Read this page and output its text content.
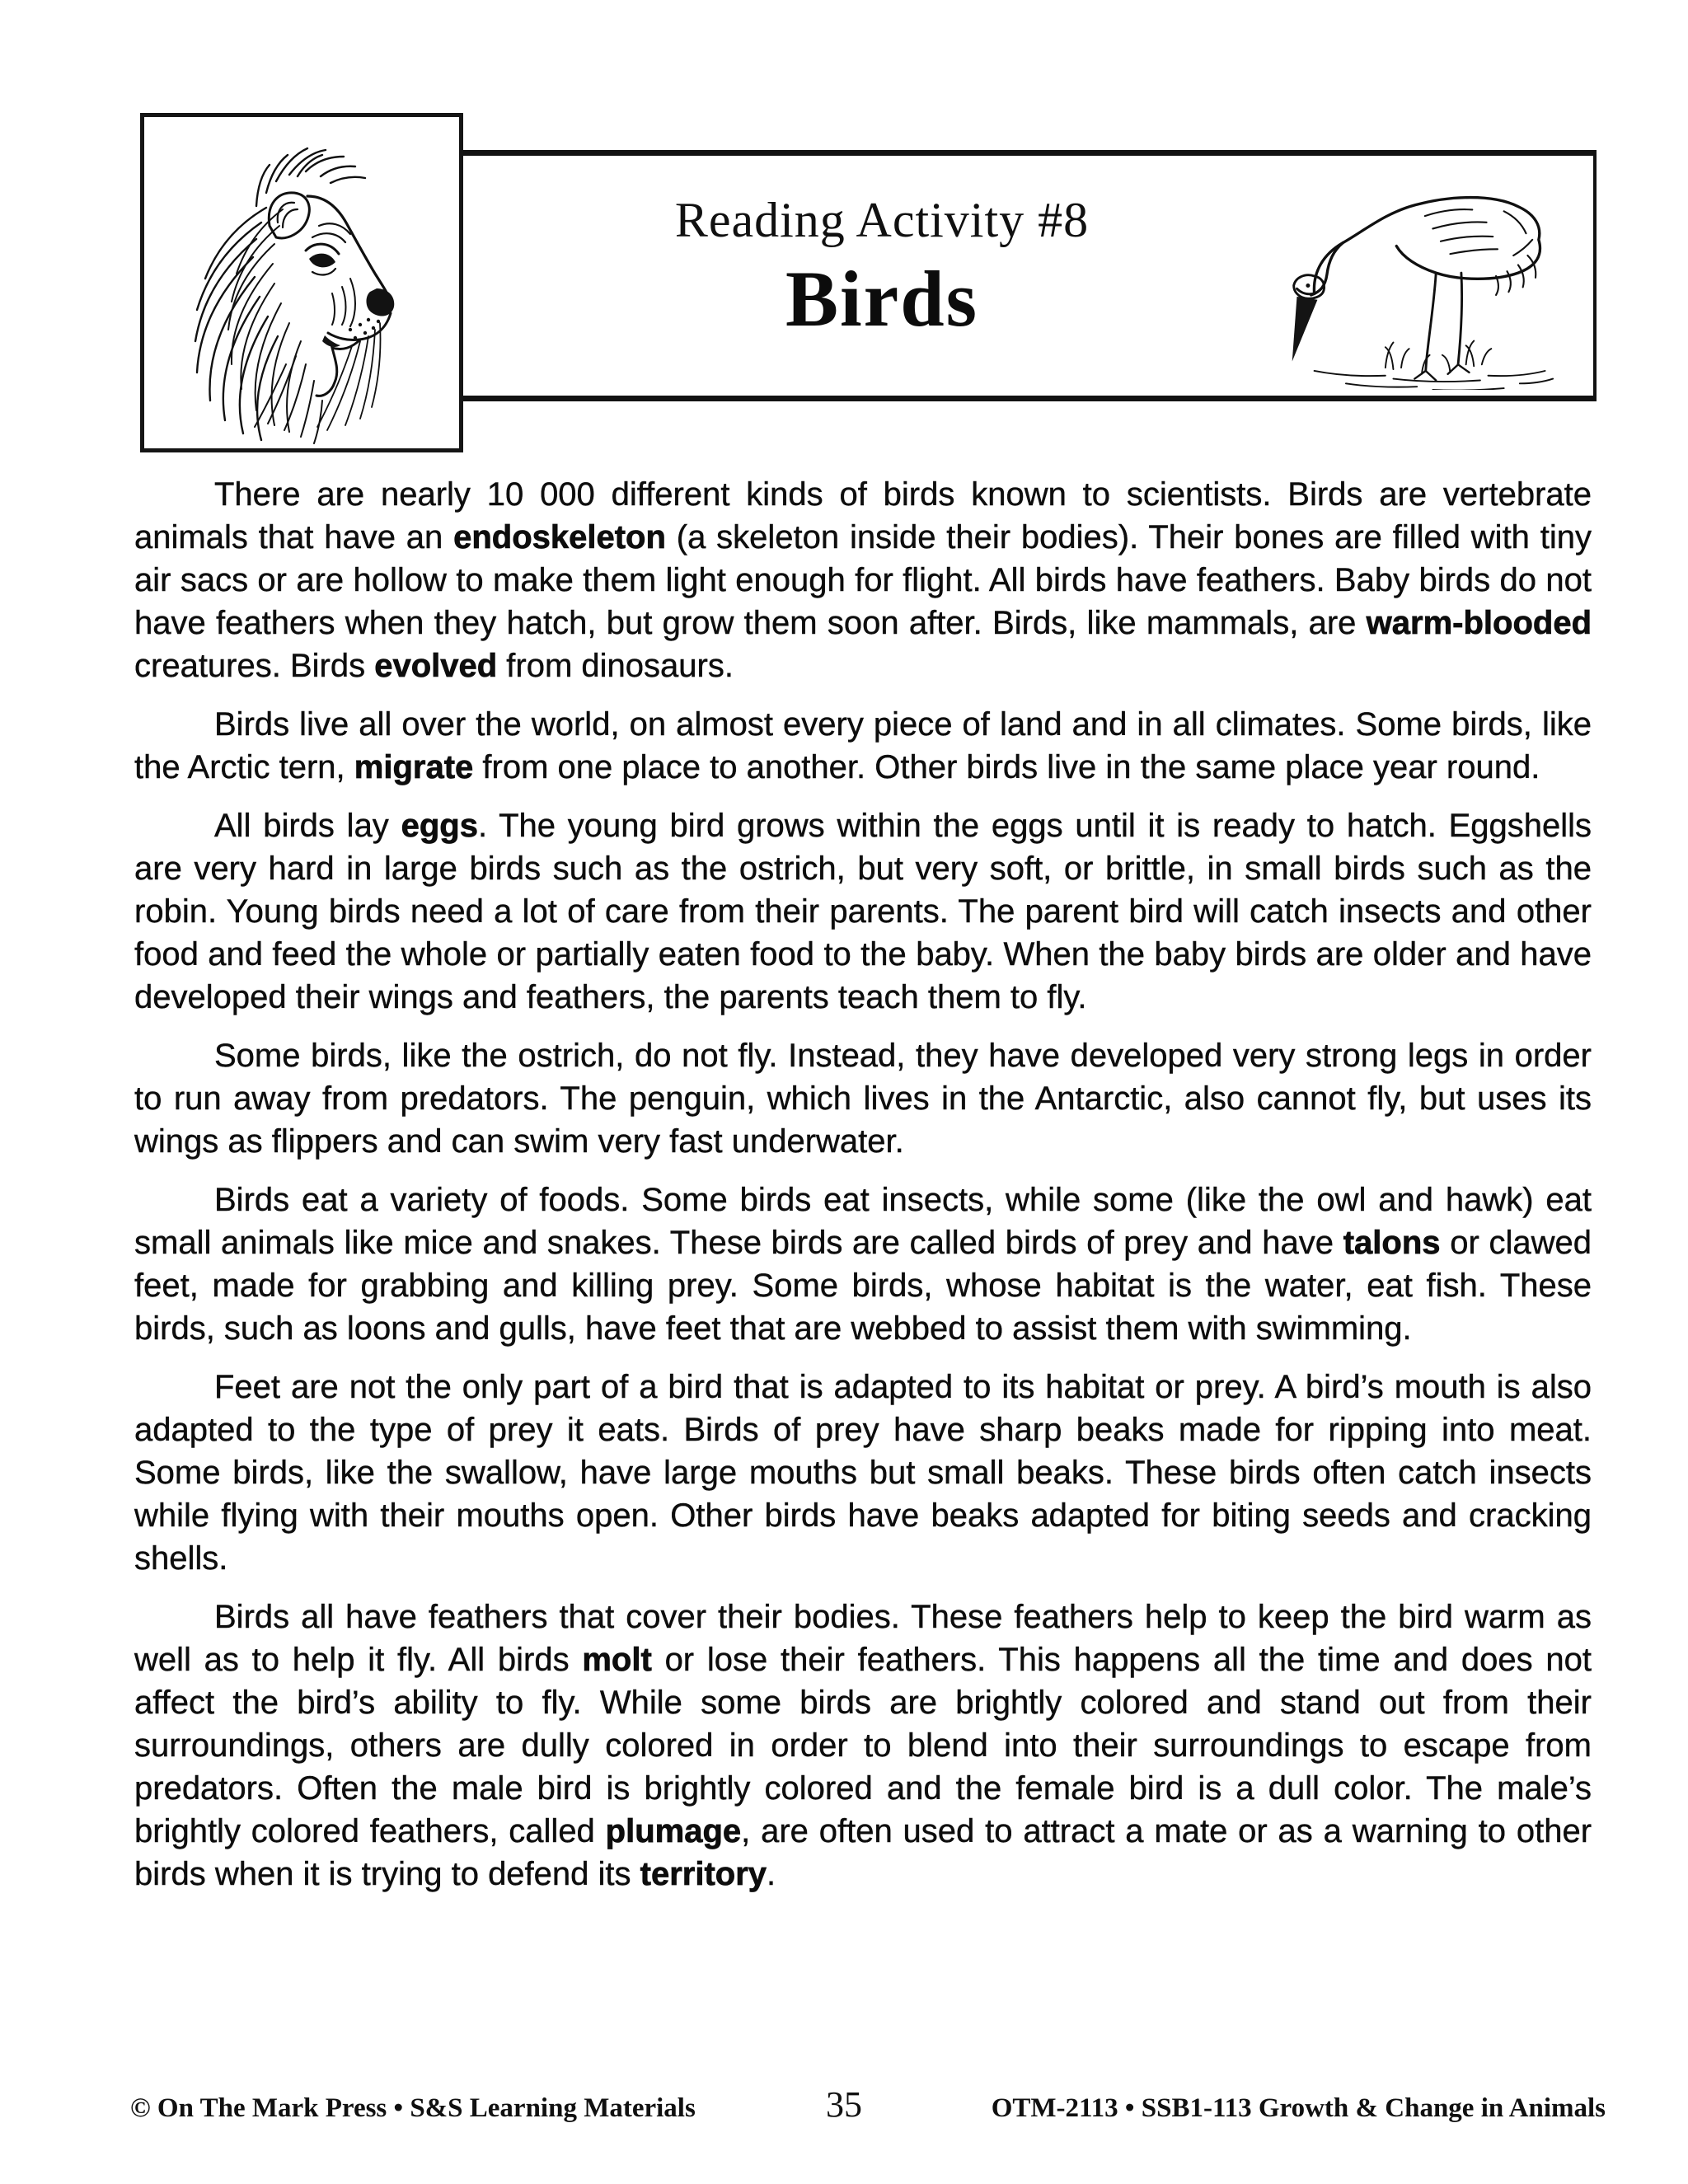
Reading Activity #8
Birds

There are nearly 10 000 different kinds of birds known to scientists. Birds are vertebrate animals that have an endoskeleton (a skeleton inside their bodies). Their bones are filled with tiny air sacs or are hollow to make them light enough for flight. All birds have feathers. Baby birds do not have feathers when they hatch, but grow them soon after. Birds, like mammals, are warm-blooded creatures. Birds evolved from dinosaurs.

Birds live all over the world, on almost every piece of land and in all climates. Some birds, like the Arctic tern, migrate from one place to another. Other birds live in the same place year round.

All birds lay eggs. The young bird grows within the eggs until it is ready to hatch. Eggshells are very hard in large birds such as the ostrich, but very soft, or brittle, in small birds such as the robin. Young birds need a lot of care from their parents. The parent bird will catch insects and other food and feed the whole or partially eaten food to the baby. When the baby birds are older and have developed their wings and feathers, the parents teach them to fly.

Some birds, like the ostrich, do not fly. Instead, they have developed very strong legs in order to run away from predators. The penguin, which lives in the Antarctic, also cannot fly, but uses its wings as flippers and can swim very fast underwater.

Birds eat a variety of foods. Some birds eat insects, while some (like the owl and hawk) eat small animals like mice and snakes. These birds are called birds of prey and have talons or clawed feet, made for grabbing and killing prey. Some birds, whose habitat is the water, eat fish. These birds, such as loons and gulls, have feet that are webbed to assist them with swimming.

Feet are not the only part of a bird that is adapted to its habitat or prey. A bird’s mouth is also adapted to the type of prey it eats. Birds of prey have sharp beaks made for ripping into meat. Some birds, like the swallow, have large mouths but small beaks. These birds often catch insects while flying with their mouths open. Other birds have beaks adapted for biting seeds and cracking shells.

Birds all have feathers that cover their bodies. These feathers help to keep the bird warm as well as to help it fly. All birds molt or lose their feathers. This happens all the time and does not affect the bird’s ability to fly. While some birds are brightly colored and stand out from their surroundings, others are dully colored in order to blend into their surroundings to escape from predators. Often the male bird is brightly colored and the female bird is a dull color. The male’s brightly colored feathers, called plumage, are often used to attract a mate or as a warning to other birds when it is trying to defend its territory.

© On The Mark Press • S&S Learning Materials	35	OTM-2113 • SSB1-113 Growth & Change in Animals
